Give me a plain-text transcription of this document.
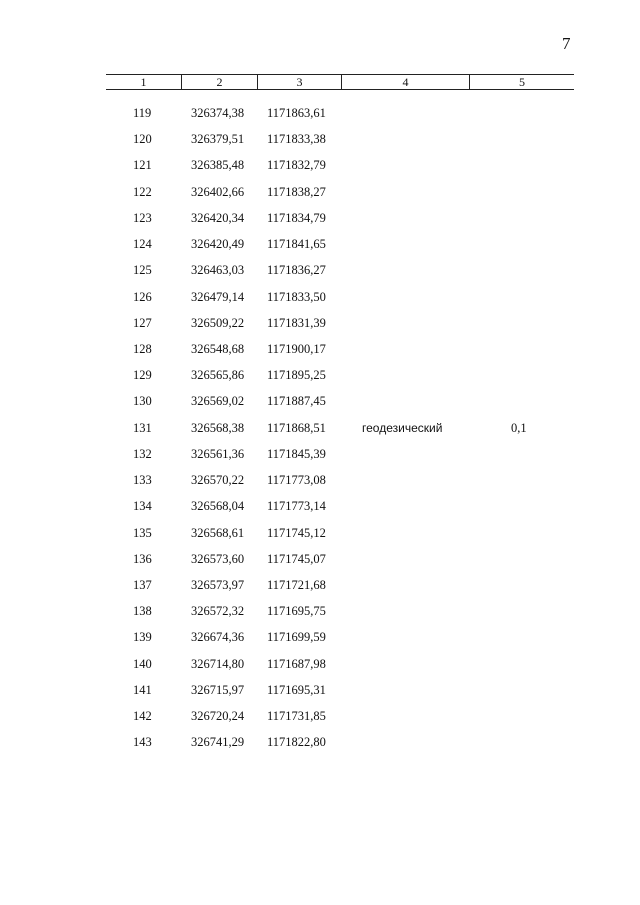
7
1	2	3	4	5
119	326374,38 1171863,61
120	326379,51 1171833,38
121	326385,48 1171832,79
122	326402,66 1171838,27
123	326420,34 1171834,79
124	326420,49 1171841,65
125	326463,03 1171836,27
126	326479,14 1171833,50
127	326509,22 1171831,39
128	326548,68 1171900,17
129	326565,86 1171895,25
130	326569,02 1171887,45
131	326568,38 1171868,51	геодезический	0,1
132	326561,36 1171845,39
133	326570,22 1171773,08
134	326568,04 1171773,14
135	326568,61 1171745,12
136	326573,60 1171745,07
137	326573,97 1171721,68
138	326572,32 1171695,75
139	326674,36 1171699,59
140	326714,80 1171687,98
141	326715,97 1171695,31
142	326720,24 1171731,85
143	326741,29 1171822,80
